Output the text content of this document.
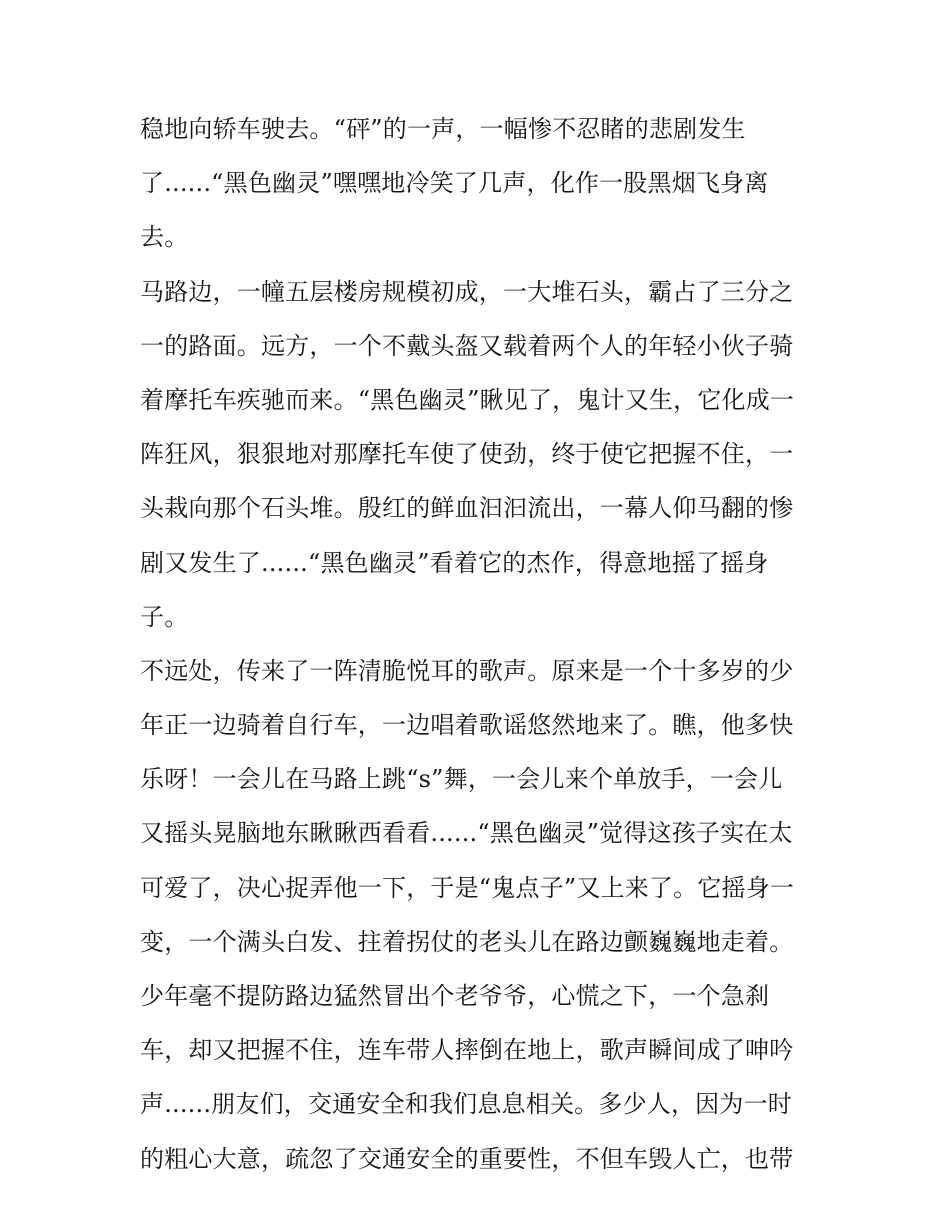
稳地向轿车驶去。“砰”的一声，一幅惨不忍睹的悲剧发生
了......“黑色幽灵”嘿嘿地冷笑了几声，化作一股黑烟飞身离
去。
马路边，一幢五层楼房规模初成，一大堆石头，霸占了三分之
一的路面。远方，一个不戴头盔又载着两个人的年轻小伙子骑
着摩托车疾驰而来。“黑色幽灵”瞅见了，鬼计又生，它化成一
阵狂风，狠狠地对那摩托车使了使劲，终于使它把握不住，一
头栽向那个石头堆。殷红的鲜血汩汩流出，一幕人仰马翻的惨
剧又发生了......“黑色幽灵”看着它的杰作，得意地摇了摇身
子。
不远处，传来了一阵清脆悦耳的歌声。原来是一个十多岁的少
年正一边骑着自行车，一边唱着歌谣悠然地来了。瞧，他多快
乐呀！一会儿在马路上跳“s”舞，一会儿来个单放手，一会儿
又摇头晃脑地东瞅瞅西看看......“黑色幽灵”觉得这孩子实在太
可爱了，决心捉弄他一下，于是“鬼点子”又上来了。它摇身一
变，一个满头白发、拄着拐仗的老头儿在路边颤巍巍地走着。
少年毫不提防路边猛然冒出个老爷爷，心慌之下，一个急刹
车，却又把握不住，连车带人摔倒在地上，歌声瞬间成了呻吟
声......朋友们，交通安全和我们息息相关。多少人，因为一时
的粗心大意，疏忽了交通安全的重要性，不但车毁人亡，也带
